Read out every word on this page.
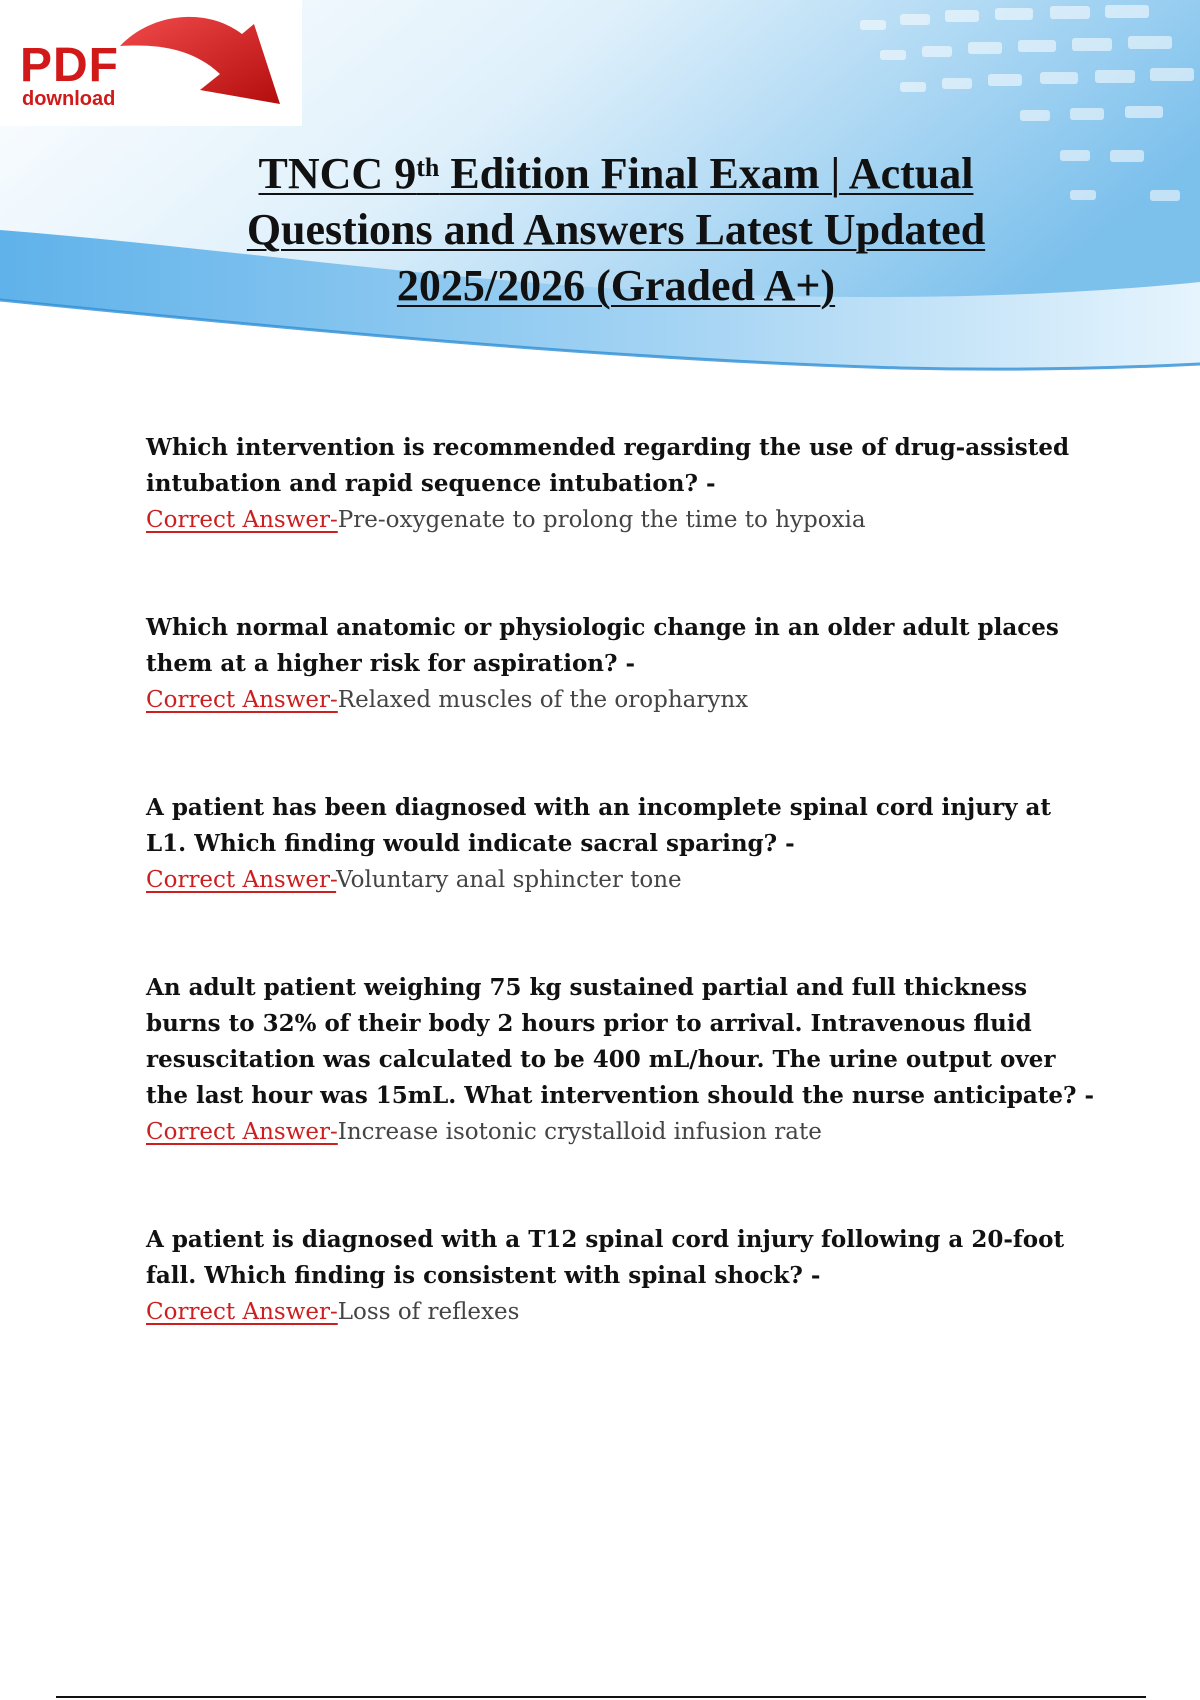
PDF
download
TNCC 9th Edition Final Exam | Actual Questions and Answers Latest Updated 2025/2026 (Graded A+)
Which intervention is recommended regarding the use of drug-assisted intubation and rapid sequence intubation? -
Correct Answer-Pre-oxygenate to prolong the time to hypoxia
Which normal anatomic or physiologic change in an older adult places them at a higher risk for aspiration? -
Correct Answer-Relaxed muscles of the oropharynx
A patient has been diagnosed with an incomplete spinal cord injury at L1. Which finding would indicate sacral sparing? -
Correct Answer-Voluntary anal sphincter tone
An adult patient weighing 75 kg sustained partial and full thickness burns to 32% of their body 2 hours prior to arrival. Intravenous fluid resuscitation was calculated to be 400 mL/hour. The urine output over the last hour was 15mL. What intervention should the nurse anticipate? -
Correct Answer-Increase isotonic crystalloid infusion rate
A patient is diagnosed with a T12 spinal cord injury following a 20-foot fall. Which finding is consistent with spinal shock? -
Correct Answer-Loss of reflexes
